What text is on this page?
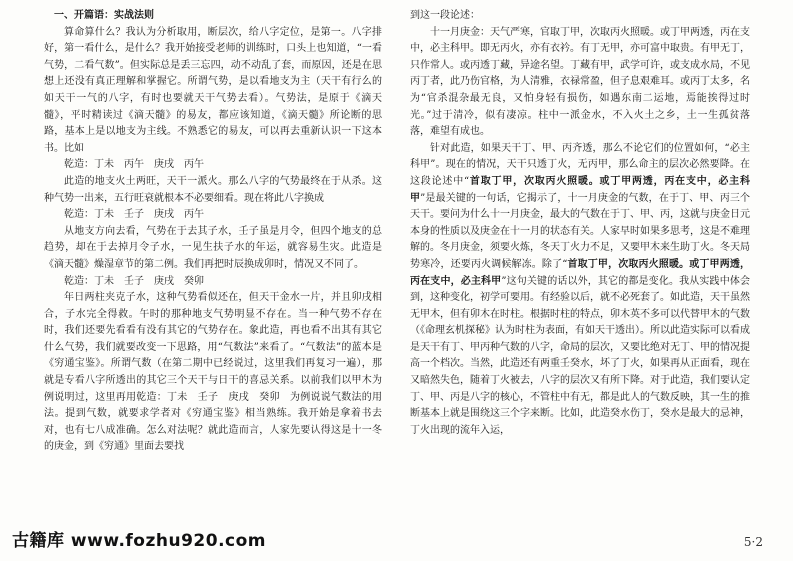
一、开篇语：实战法则

算命算什么？我认为分析取用，断层次，给八字定位，是第一。八字排好，第一看什么，是什么？我开始接受老师的训练时，口头上也知道，“一看气势，二看气数”。但实际总是丢三忘四，动不动乱了套，而原因，还是在思想上还没有真正理解和掌握它。所谓气势，是以看地支为主（天干有行么的如天干一气的八字，有时也要就天干气势去看）。气势法，是原于《滴天髓》，平时精读过《滴天髓》的易友，都应该知道，《滴天髓》所论断的思路，基本上是以地支为主线。不熟悉它的易友，可以再去重新认识一下这本书。比如

乾造：丁未　丙午　庚戌　丙午

此造的地支火土两旺，天干一派火。那么八字的气势最终在于从杀。这种气势一出来，五行旺衰就根本不必要细看。现在将此八字换成

乾造：丁未　壬子　庚戌　丙午

从地支方向去看，气势在于去其子水，壬子虽是月令，但四个地支的总趋势，却在于去掉月令子水，一见生扶子水的年运，就容易生灾。此造是《滴天髓》燥湿章节的第二例。我们再把时辰换成卯时，情况又不同了。

乾造：丁未　壬子　庚戌　癸卯

年日两柱夹克子水，这种气势看似还在，但天干金水一片，并且卯戌相合，子水完全得救。午时的那种地支气势明显不存在。当一种气势不存在时，我们还要先看看有没有其它的气势存在。象此造，再也看不出其有其它什么气势，我们就要改变一下思路，用“气数法”来看了。“气数法”的蓝本是《穷通宝鉴》。所谓气数（在第二期中已经说过，这里我们再复习一遍），那就是专看八字所透出的其它三个天干与日干的喜忌关系。以前我们以甲木为例说明过，这里再用乾造：丁未　壬子　庚戌　癸卯　为例说说气数法的用法。提到气数，就要求学者对《穷通宝鉴》相当熟练。我开始是拿着书去对，也有七八成准确。怎么对法呢？就此造而言，人家先要认得这是十一冬的庚金，到《穷通》里面去要找

到这一段论述：

十一月庚金：天气严寒，官取丁甲，次取丙火照暖。或丁甲两透，丙在支中，必主科甲。即无丙火，亦有衣衿。有丁无甲，亦可富中取贵。有甲无丁，只作常人。或丙透丁藏，异途名望。丁藏有甲，武学可许，或支成水局，不见丙丁者，此乃伤官格，为人清雅，衣禄常盈，但子息艰难耳。或丙丁太多，名为“官杀混杂最无良，又怕身轻有损伤，如遇东南二运地，焉能挨得过时光。”过于清冷，似有凄凉。柱中一派金水，不入火土之乡，土一生孤贫落落，难望有成也。

针对此造，如果天干丁、甲、丙齐透，那么不论它们的位置如何，“必主科甲”。现在的情况，天干只透丁火，无丙甲，那么命主的层次必然要降。在这段论述中“首取丁甲，次取丙火照暖。或丁甲两透，丙在支中，必主科甲”是最关键的一句话，它揭示了，十一月庚金的气数，在于丁、甲、丙三个天干。要问为什么十一月庚金，最大的气数在于丁、甲、丙，这就与庚金日元本身的性质以及庚金在十一月的状态有关。人家早时如果多思考，这是不难理解的。冬月庚金，须要火炼，冬天丁火力不足，又要甲木来生助丁火。冬天局势寒冷，还要丙火调候解冻。除了“首取丁甲，次取丙火照暖。或丁甲两透，丙在支中，必主科甲”这句关键的话以外，其它的都是变化。我从实践中体会到，这种变化，初学可要用。有经验以后，就不必死套了。如此造，天干虽然无甲木，但有卯木在时柱。根据时柱的特点，卯木英不多可以代替甲木的气数（《命理玄机探秘》认为时柱为表面，有如天干透出）。所以此造实际可以看成是天干有丁、甲丙种气数的八字，命局的层次，又要比绝对无丁、甲的情况提高一个档次。当然，此造还有两重壬癸水，坏了丁火，如果再从正面看，现在又暗然失色，随着丁火被去，八字的层次又有所下降。对于此造，我们要认定丁、甲、丙是八字的核心，不管柱中有无，都是此人的气数反映，其一生的推断基本上就是围绕这三个字来断。比如，此造癸水伤丁，癸水是最大的忌神，丁火出现的流年入运，

古籍库 www.fozhu920.com	5·2
